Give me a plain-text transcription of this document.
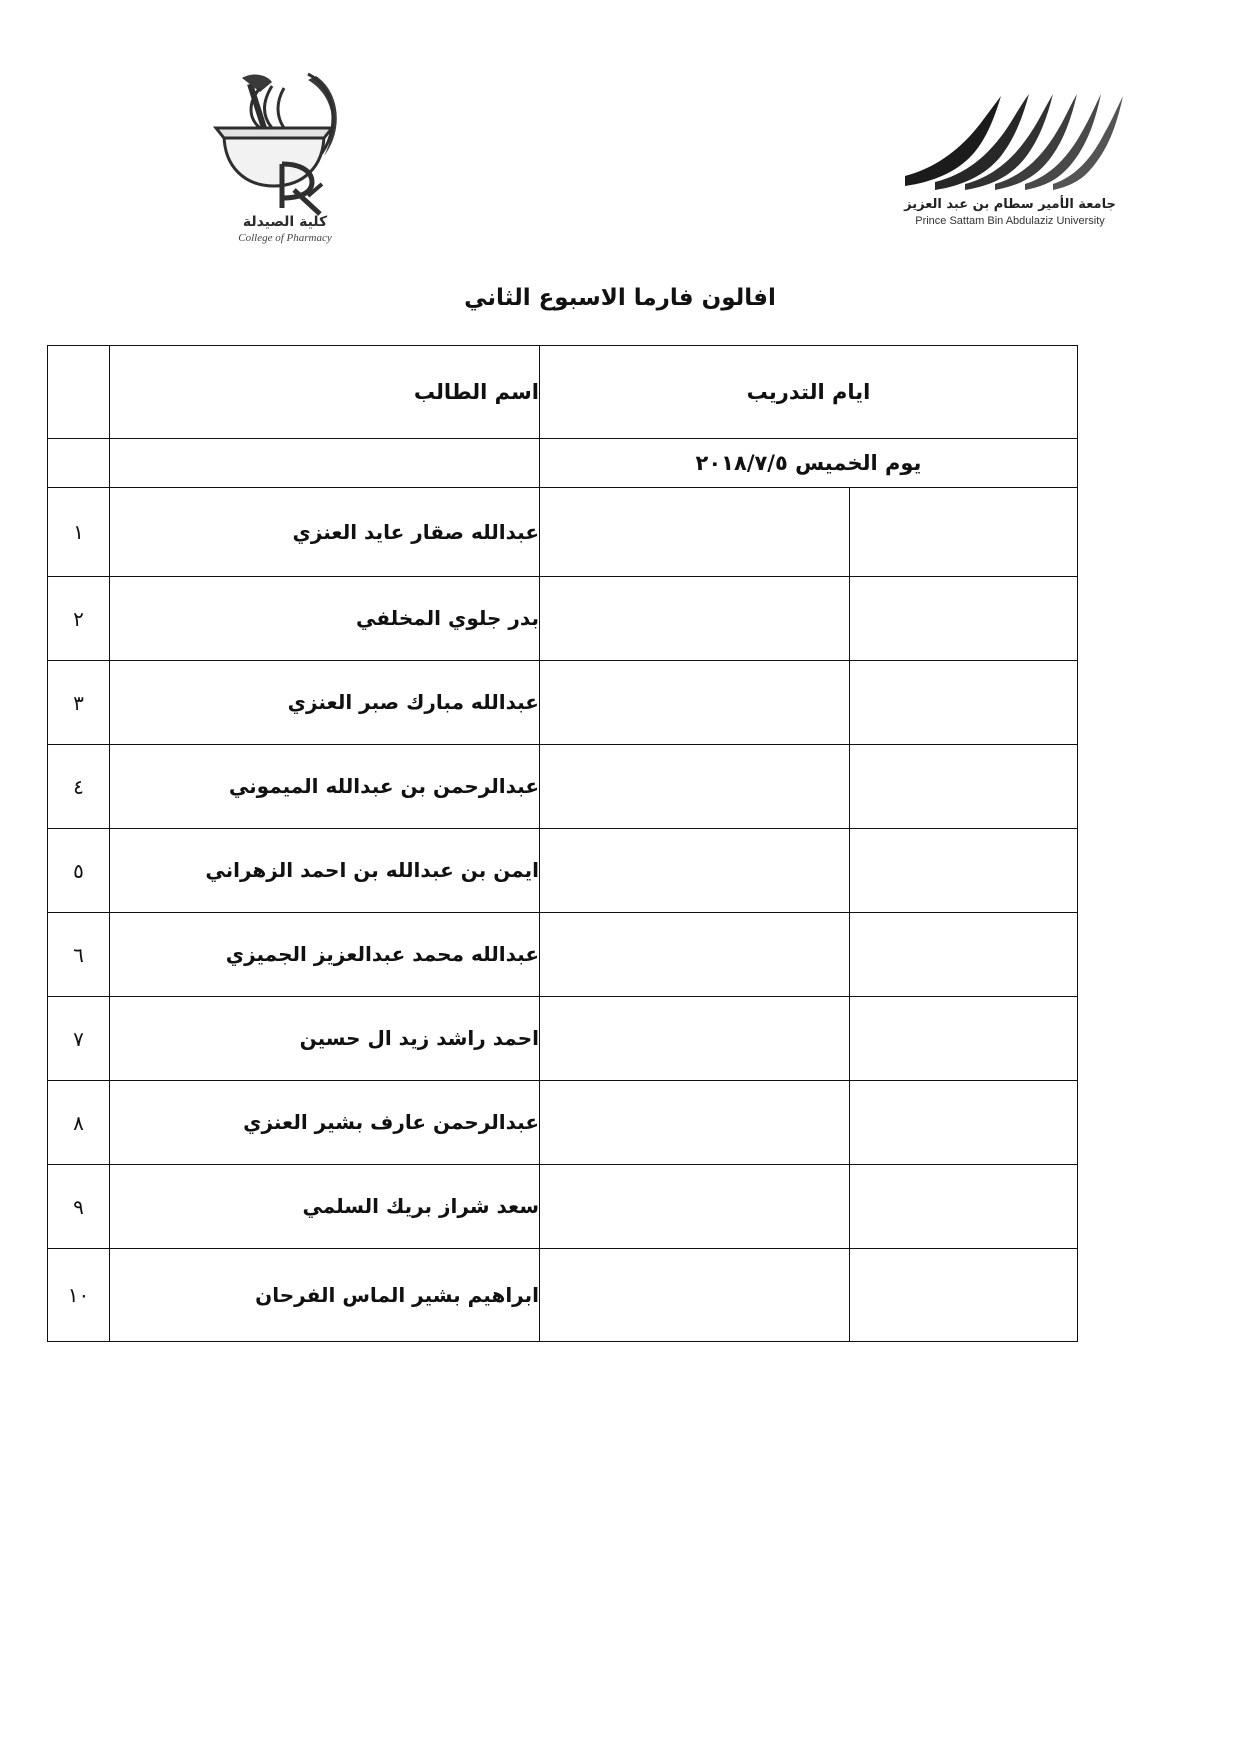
جامعة الأمير سطام بن عبد العزيز
Prince Sattam Bin Abdulaziz University
كلية الصيدلة
College of Pharmacy
افالون فارما الاسبوع الثاني
ايام التدريب		اسم الطالب	
يوم الخميس ٢٠١٨/٧/٥			
		عبدالله صقار عايد العنزي	١
		بدر جلوي المخلفي	٢
		عبدالله مبارك صبر العنزي	٣
		عبدالرحمن بن عبدالله الميموني	٤
		ايمن بن عبدالله بن احمد الزهراني	٥
		عبدالله محمد عبدالعزيز الجميزي	٦
		احمد راشد زيد ال حسين	٧
		عبدالرحمن عارف بشير العنزي	٨
		سعد شراز بريك السلمي	٩
		ابراهيم بشير الماس الفرحان	١٠
